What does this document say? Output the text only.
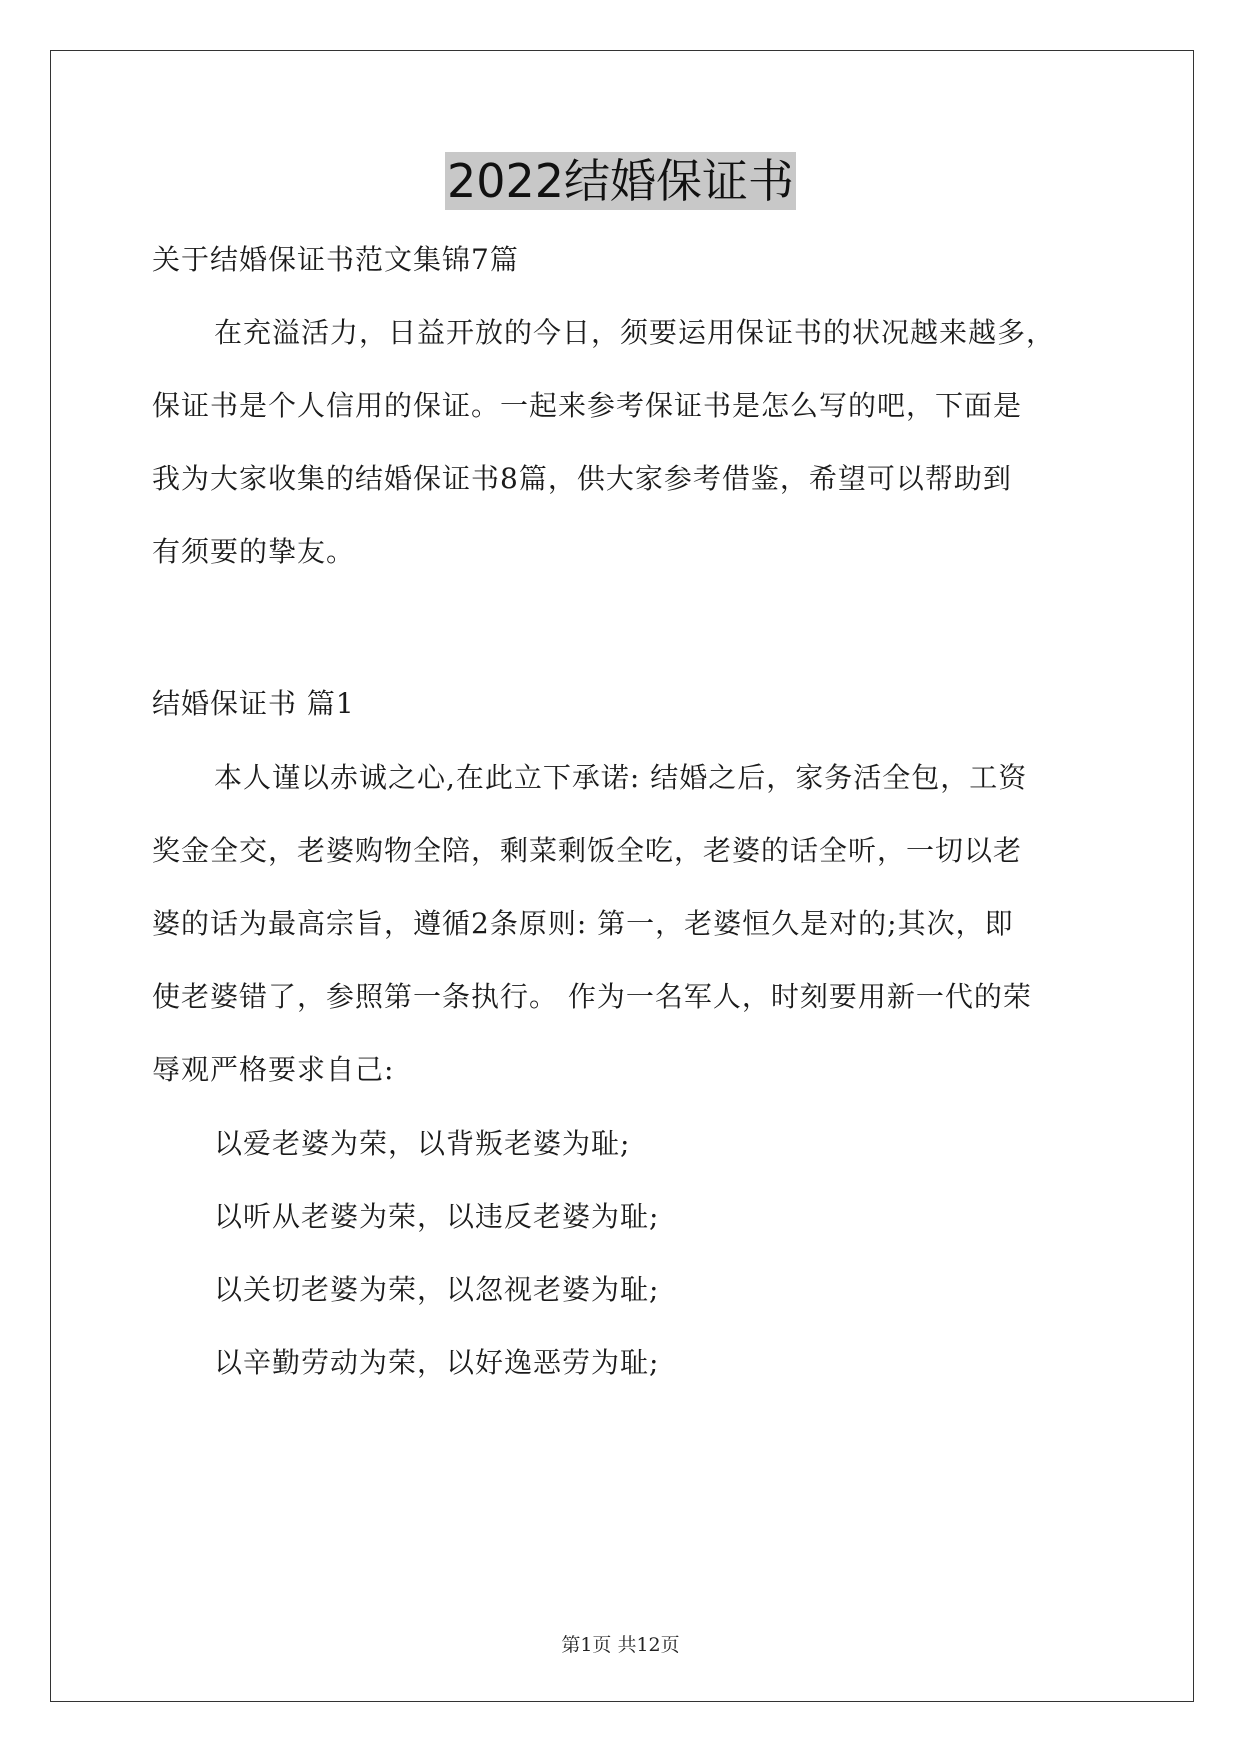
2022结婚保证书
关于结婚保证书范文集锦7篇
在充溢活力，日益开放的今日，须要运用保证书的状况越来越多，
保证书是个人信用的保证。一起来参考保证书是怎么写的吧，下面是
我为大家收集的结婚保证书8篇，供大家参考借鉴，希望可以帮助到
有须要的挚友。
结婚保证书 篇1
本人谨以赤诚之心,在此立下承诺: 结婚之后，家务活全包，工资
奖金全交，老婆购物全陪，剩菜剩饭全吃，老婆的话全听，一切以老
婆的话为最高宗旨，遵循2条原则: 第一，老婆恒久是对的;其次，即
使老婆错了，参照第一条执行。 作为一名军人，时刻要用新一代的荣
辱观严格要求自己:
以爱老婆为荣，以背叛老婆为耻;
以听从老婆为荣，以违反老婆为耻;
以关切老婆为荣，以忽视老婆为耻;
以辛勤劳动为荣，以好逸恶劳为耻;
第1页 共12页
